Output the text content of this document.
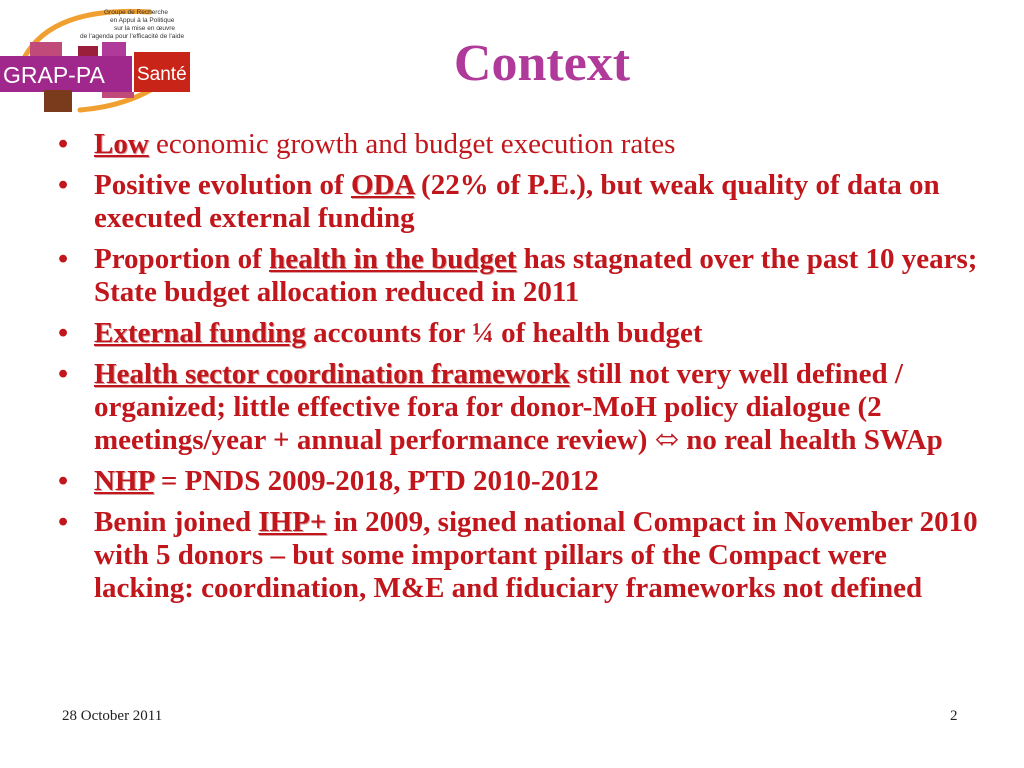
Groupe de Recherche
en Appui à la Politique
sur la mise en œuvre
de l'agenda pour l'efficacité de l'aide
GRAP-PA Santé	Context
• Low economic growth and budget execution rates
• Positive evolution of ODA (22% of P.E.), but weak quality of data on executed external funding
• Proportion of health in the budget has stagnated over the past 10 years; State budget allocation reduced in 2011
• External funding accounts for ¼ of health budget
• Health sector coordination framework still not very well defined / organized; little effective fora for donor-MoH policy dialogue (2 meetings/year + annual performance review) ⬄ no real health SWAp
• NHP = PNDS 2009-2018, PTD 2010-2012
• Benin joined IHP+ in 2009, signed national Compact in November 2010 with 5 donors – but some important pillars of the Compact were lacking: coordination, M&E and fiduciary frameworks not defined
28 October 2011	2
